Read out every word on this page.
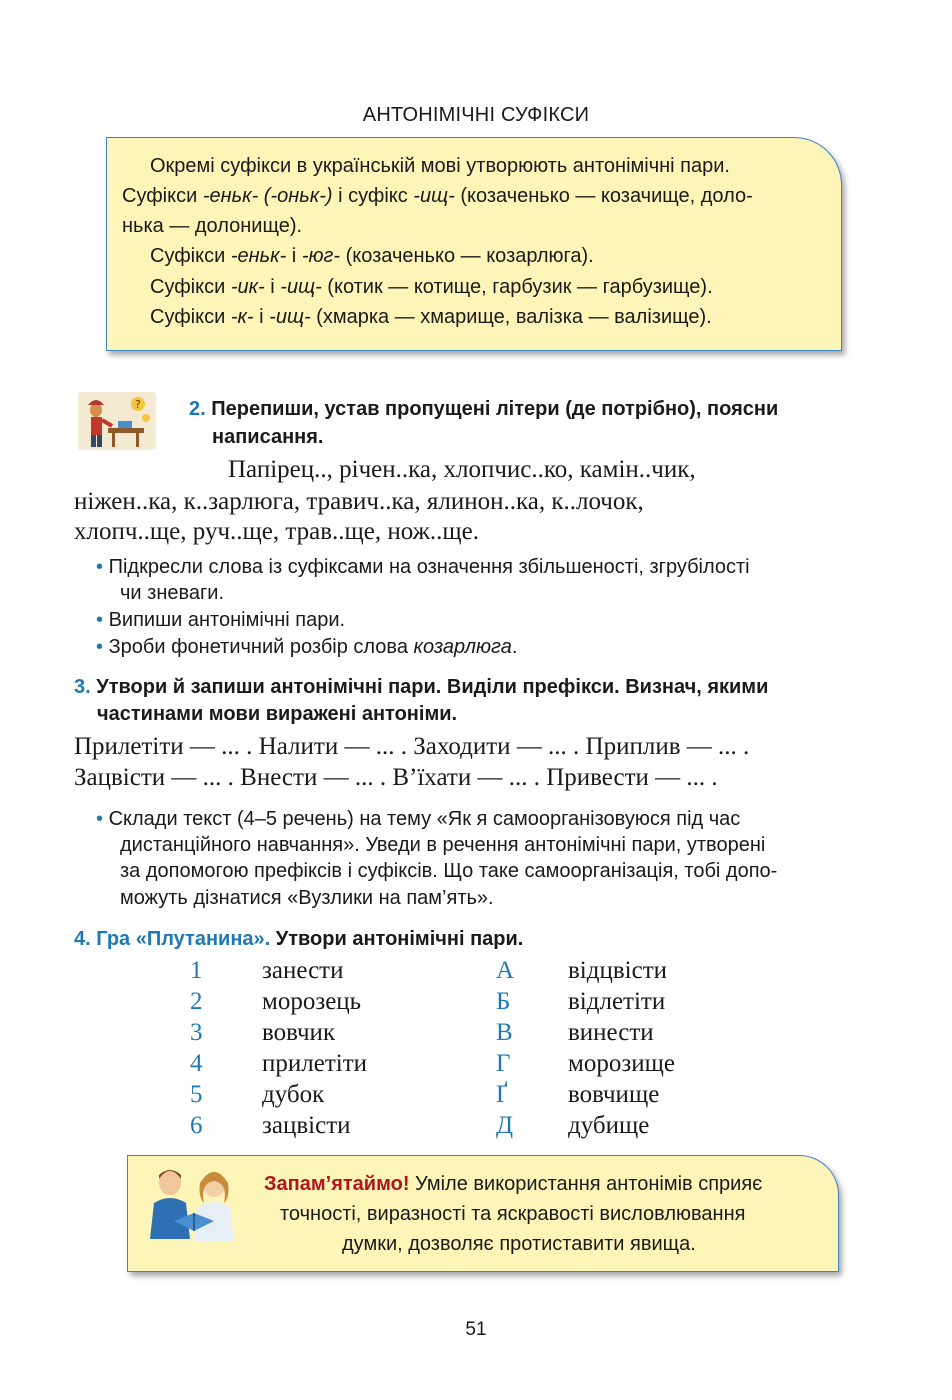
АНТОНІМІЧНІ СУФІКСИ
Окремі суфікси в українській мові утворюють антонімічні пари.
Суфікси -еньк- (-оньк-) і суфікс -ищ- (козаченько — козачище, доло-
нька — долонище).
Суфікси -еньк- і -юг- (козаченько — козарлюга).
Суфікси -ик- і -ищ- (котик — котище, гарбузик — гарбузище).
Суфікси -к- і -ищ- (хмарка — хмарище, валізка — валізище).
? 2. Перепиши, устав пропущені літери (де потрібно), поясни
написання.
Папірец.., річен..ка, хлопчис..ко, камін..чик,
ніжен..ка, к..зарлюга, травич..ка, ялинон..ка, к..лочок,
хлопч..ще, руч..ще, трав..ще, нож..ще.
• Підкресли слова із суфіксами на означення збільшеності, згрубілості
чи зневаги.
• Випиши антонімічні пари.
• Зроби фонетичний розбір слова козарлюга.
3. Утвори й запиши антонімічні пари. Виділи префікси. Визнач, якими
частинами мови виражені антоніми.
Прилетіти — ... . Налити — ... . Заходити — ... . Приплив — ... .
Зацвісти — ... . Внести — ... . В’їхати — ... . Привести — ... .
• Склади текст (4–5 речень) на тему «Як я самоорганізовуюся під час
дистанційного навчання». Уведи в речення антонімічні пари, утворені
за допомогою префіксів і суфіксів. Що таке самоорганізація, тобі допо-
можуть дізнатися «Вузлики на пам’ять».
4. Гра «Плутанина». Утвори антонімічні пари.
1 занести	А відцвісти
2 морозець	Б відлетіти
3 вовчик	В винести
4 прилетіти	Г морозище
5 дубок	Ґ вовчище
6 зацвісти	Д дубище
Запам’ятаймо! Уміле використання антонімів сприяє
точності, виразності та яскравості висловлювання
думки, дозволяє протиставити явища.
51
